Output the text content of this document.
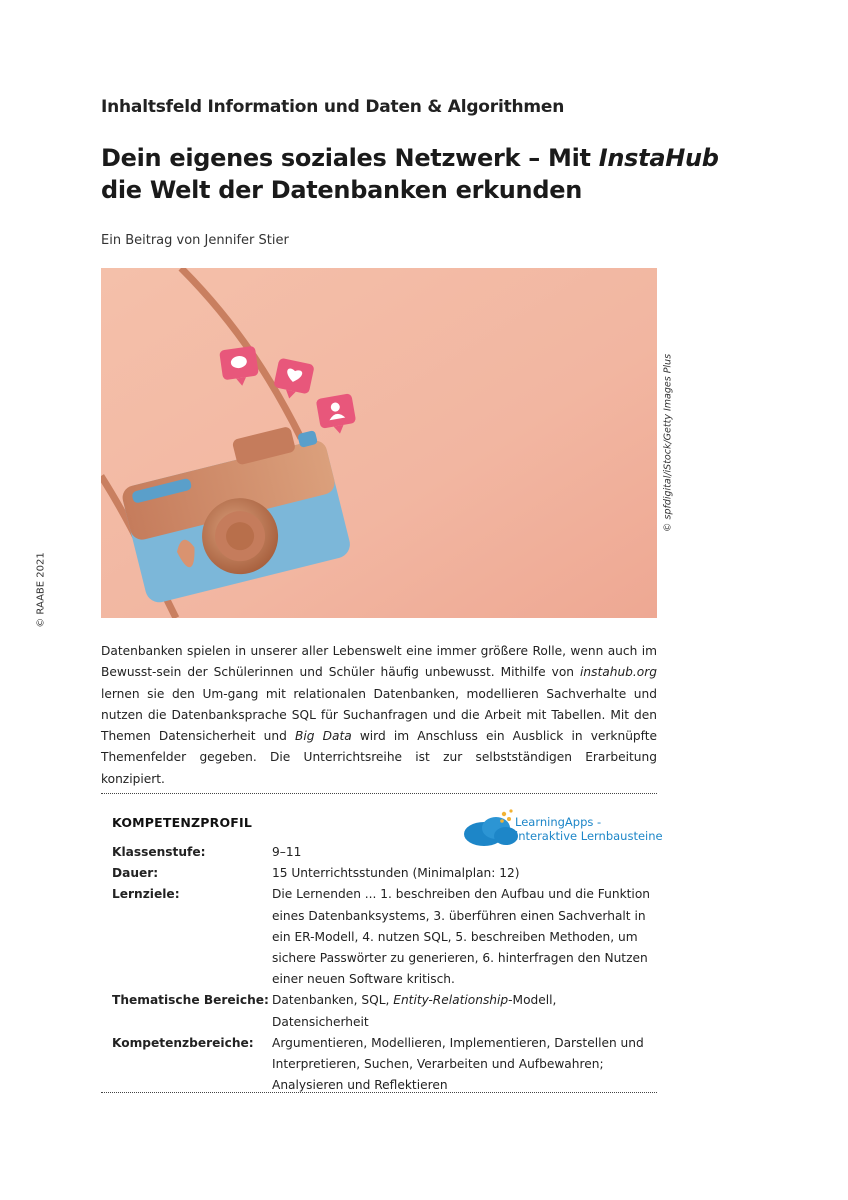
Inhaltsfeld Information und Daten & Algorithmen
Dein eigenes soziales Netzwerk – Mit InstaHub
die Welt der Datenbanken erkunden
Ein Beitrag von Jennifer Stier
© spfdigital/iStock/Getty Images Plus
© RAABE 2021
Datenbanken spielen in unserer aller Lebenswelt eine immer größere Rolle, wenn auch im Bewusst-sein der Schülerinnen und Schüler häufig unbewusst. Mithilfe von instahub.org lernen sie den Um-gang mit relationalen Datenbanken, modellieren Sachverhalte und nutzen die Datenbanksprache SQL für Suchanfragen und die Arbeit mit Tabellen. Mit den Themen Datensicherheit und Big Data wird im Anschluss ein Ausblick in verknüpfte Themenfelder gegeben. Die Unterrichtsreihe ist zur selbstständigen Erarbeitung konzipiert.
KOMPETENZPROFIL	LearningApps -
interaktive Lernbausteine
Klassenstufe:	9–11
Dauer:	15 Unterrichtsstunden (Minimalplan: 12)
Lernziele:	Die Lernenden ... 1. beschreiben den Aufbau und die Funktion eines Datenbanksystems, 3. überführen einen Sachverhalt in ein ER-Modell, 4. nutzen SQL, 5. beschreiben Methoden, um sichere Passwörter zu generieren, 6. hinterfragen den Nutzen einer neuen Software kritisch.
Thematische Bereiche: Datenbanken, SQL, Entity-Relationship-Modell, Datensicherheit
Kompetenzbereiche:	Argumentieren, Modellieren, Implementieren, Darstellen und Interpretieren, Suchen, Verarbeiten und Aufbewahren; Analysieren und Reflektieren
